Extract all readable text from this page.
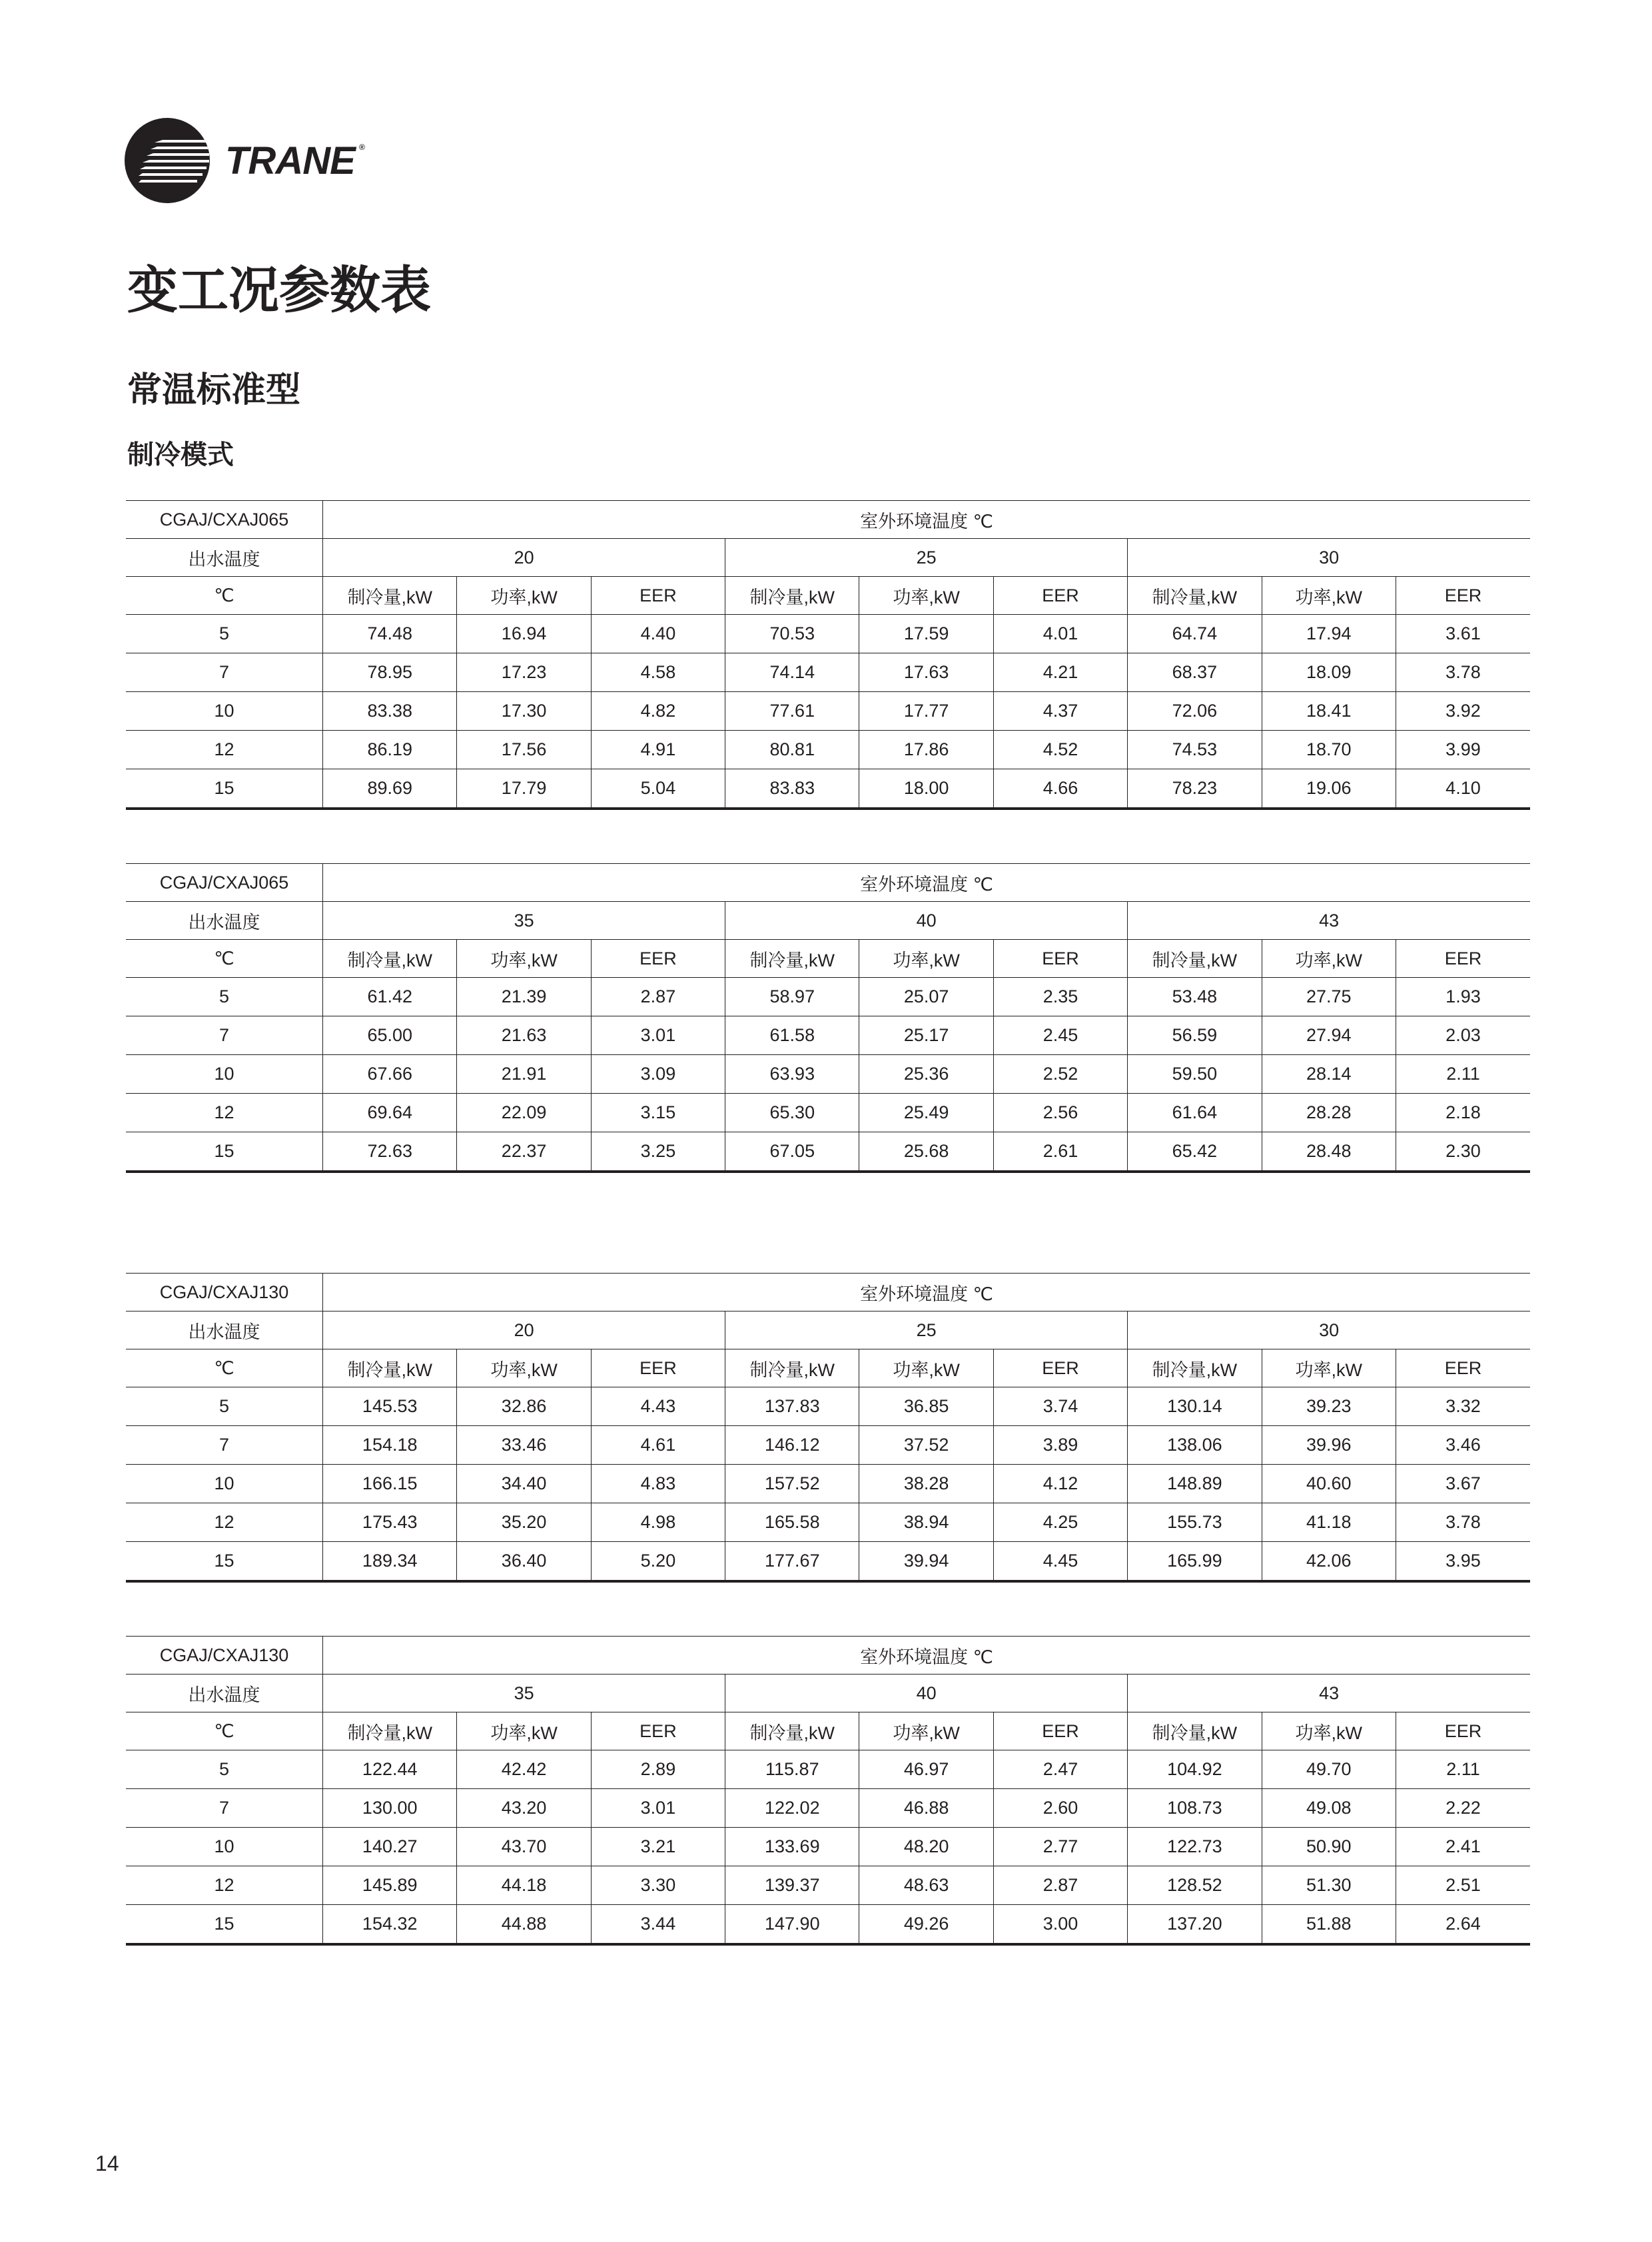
TRANE ®
变工况参数表
常温标准型
制冷模式
CGAJ/CXAJ065	室外环境温度 ℃								
出水温度	20			25			30		
℃	制冷量,kW	功率,kW	EER	制冷量,kW	功率,kW	EER	制冷量,kW	功率,kW	EER
5	74.48	16.94	4.40	70.53	17.59	4.01	64.74	17.94	3.61
7	78.95	17.23	4.58	74.14	17.63	4.21	68.37	18.09	3.78
10	83.38	17.30	4.82	77.61	17.77	4.37	72.06	18.41	3.92
12	86.19	17.56	4.91	80.81	17.86	4.52	74.53	18.70	3.99
15	89.69	17.79	5.04	83.83	18.00	4.66	78.23	19.06	4.10
CGAJ/CXAJ065	室外环境温度 ℃								
出水温度	35			40			43		
℃	制冷量,kW	功率,kW	EER	制冷量,kW	功率,kW	EER	制冷量,kW	功率,kW	EER
5	61.42	21.39	2.87	58.97	25.07	2.35	53.48	27.75	1.93
7	65.00	21.63	3.01	61.58	25.17	2.45	56.59	27.94	2.03
10	67.66	21.91	3.09	63.93	25.36	2.52	59.50	28.14	2.11
12	69.64	22.09	3.15	65.30	25.49	2.56	61.64	28.28	2.18
15	72.63	22.37	3.25	67.05	25.68	2.61	65.42	28.48	2.30
CGAJ/CXAJ130	室外环境温度 ℃								
出水温度	20			25			30		
℃	制冷量,kW	功率,kW	EER	制冷量,kW	功率,kW	EER	制冷量,kW	功率,kW	EER
5	145.53	32.86	4.43	137.83	36.85	3.74	130.14	39.23	3.32
7	154.18	33.46	4.61	146.12	37.52	3.89	138.06	39.96	3.46
10	166.15	34.40	4.83	157.52	38.28	4.12	148.89	40.60	3.67
12	175.43	35.20	4.98	165.58	38.94	4.25	155.73	41.18	3.78
15	189.34	36.40	5.20	177.67	39.94	4.45	165.99	42.06	3.95
CGAJ/CXAJ130	室外环境温度 ℃								
出水温度	35			40			43		
℃	制冷量,kW	功率,kW	EER	制冷量,kW	功率,kW	EER	制冷量,kW	功率,kW	EER
5	122.44	42.42	2.89	115.87	46.97	2.47	104.92	49.70	2.11
7	130.00	43.20	3.01	122.02	46.88	2.60	108.73	49.08	2.22
10	140.27	43.70	3.21	133.69	48.20	2.77	122.73	50.90	2.41
12	145.89	44.18	3.30	139.37	48.63	2.87	128.52	51.30	2.51
15	154.32	44.88	3.44	147.90	49.26	3.00	137.20	51.88	2.64
14
